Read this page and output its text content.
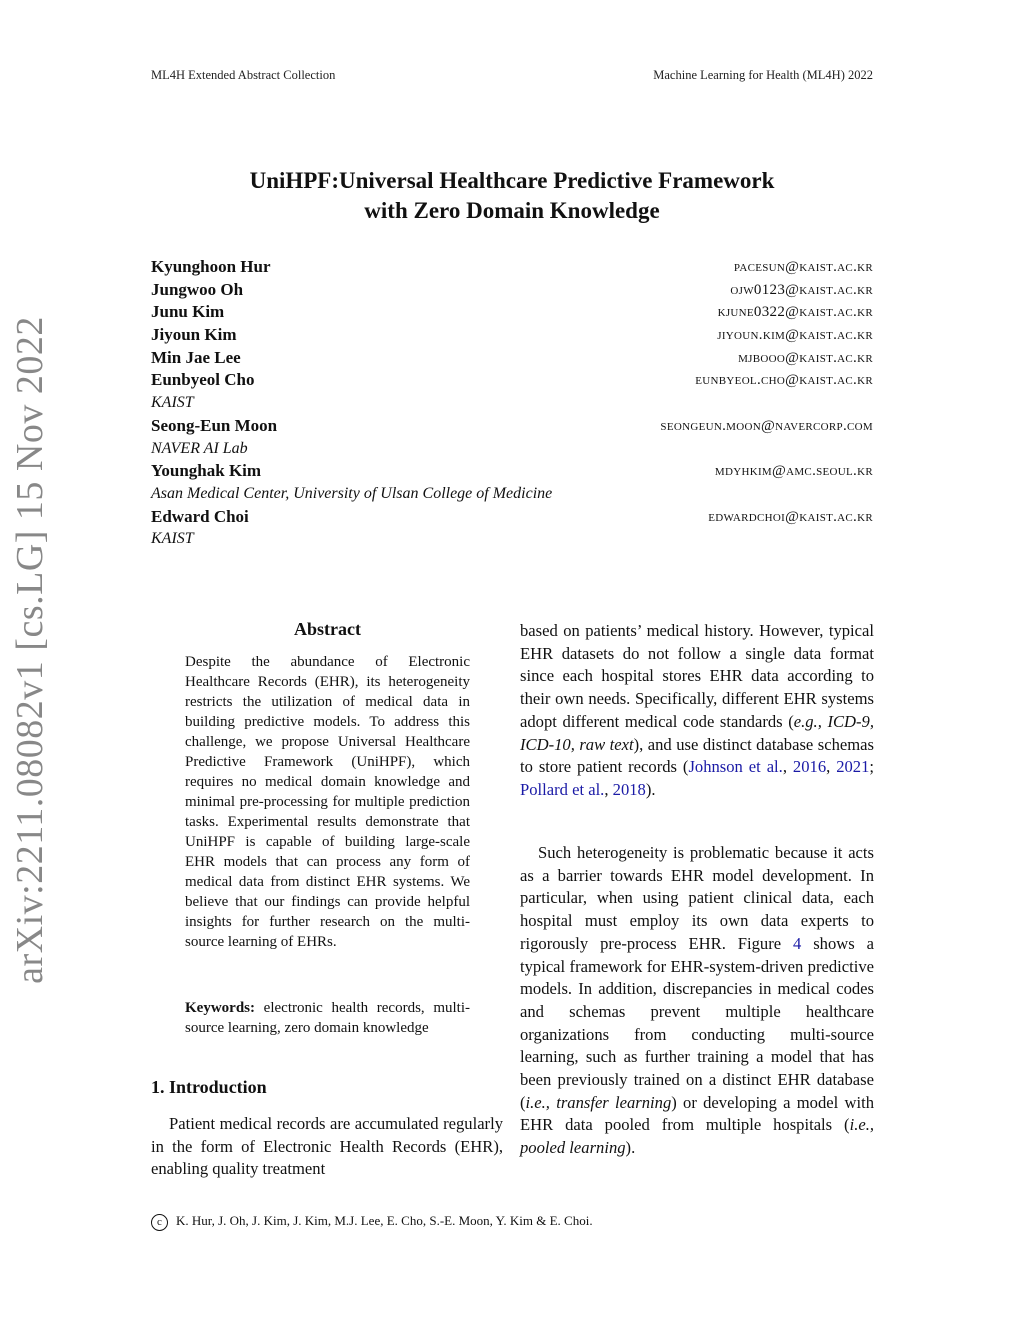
ML4H Extended Abstract Collection	Machine Learning for Health (ML4H) 2022
arXiv:2211.08082v1 [cs.LG] 15 Nov 2022
UniHPF:Universal Healthcare Predictive Framework
with Zero Domain Knowledge
Kyunghoon Hur	pacesun@kaist.ac.kr
Jungwoo Oh	ojw0123@kaist.ac.kr
Junu Kim	kjune0322@kaist.ac.kr
Jiyoun Kim	jiyoun.kim@kaist.ac.kr
Min Jae Lee	mjbooo@kaist.ac.kr
Eunbyeol Cho	eunbyeol.cho@kaist.ac.kr
KAIST
Seong-Eun Moon	seongeun.moon@navercorp.com
NAVER AI Lab
Younghak Kim	mdyhkim@amc.seoul.kr
Asan Medical Center, University of Ulsan College of Medicine
Edward Choi	edwardchoi@kaist.ac.kr
KAIST
Abstract
Despite the abundance of Electronic Healthcare Records (EHR), its heterogeneity restricts the utilization of medical data in building predictive models. To address this challenge, we propose Universal Healthcare Predictive Framework (UniHPF), which requires no medical domain knowledge and minimal pre-processing for multiple prediction tasks. Experimental results demonstrate that UniHPF is capable of building large-scale EHR models that can process any form of medical data from distinct EHR systems. We believe that our findings can provide helpful insights for further research on the multi-source learning of EHRs.
Keywords: electronic health records, multi-source learning, zero domain knowledge
1. Introduction
Patient medical records are accumulated regularly in the form of Electronic Health Records (EHR), enabling quality treatment
based on patients’ medical history. However, typical EHR datasets do not follow a single data format since each hospital stores EHR data according to their own needs. Specifically, different EHR systems adopt different medical code standards (e.g., ICD-9, ICD-10, raw text), and use distinct database schemas to store patient records (Johnson et al., 2016, 2021; Pollard et al., 2018).
Such heterogeneity is problematic because it acts as a barrier towards EHR model development. In particular, when using patient clinical data, each hospital must employ its own data experts to rigorously pre-process EHR. Figure 4 shows a typical framework for EHR-system-driven predictive models. In addition, discrepancies in medical codes and schemas prevent multiple healthcare organizations from conducting multi-source learning, such as further training a model that has been previously trained on a distinct EHR database (i.e., transfer learning) or developing a model with EHR data pooled from multiple hospitals (i.e., pooled learning).
c K. Hur, J. Oh, J. Kim, J. Kim, M.J. Lee, E. Cho, S.-E. Moon, Y. Kim & E. Choi.
